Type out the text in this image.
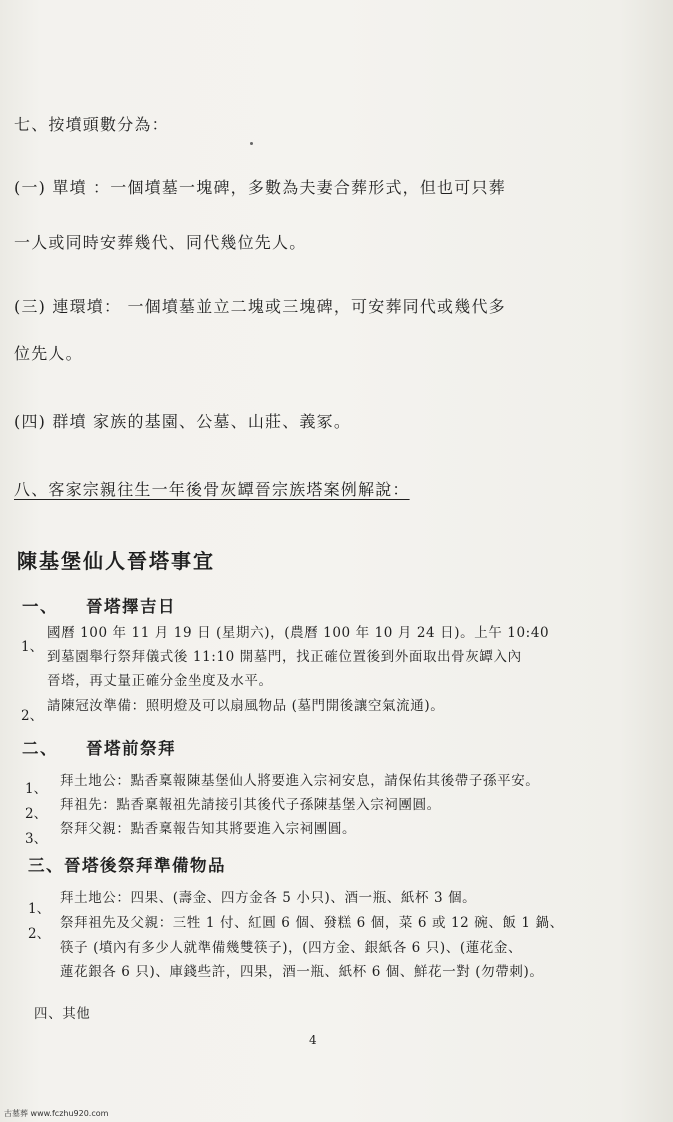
七、按墳頭數分為：
(一) 單墳 ：一個墳墓一塊碑，多數為夫妻合葬形式，但也可只葬
一人或同時安葬幾代、同代幾位先人。
(三) 連環墳： 一個墳墓並立二塊或三塊碑，可安葬同代或幾代多
位先人。
(四) 群墳 家族的基園、公墓、山莊、義冢。
八、客家宗親往生一年後骨灰罈晉宗族塔案例解說：
陳基堡仙人晉塔事宜
一、 晉塔擇吉日
1、
國曆 100 年 11 月 19 日 (星期六)，(農曆 100 年 10 月 24 日)。上午 10:40
到墓園舉行祭拜儀式後 11:10 開墓門，找正確位置後到外面取出骨灰罈入內
晉塔，再丈量正確分金坐度及水平。
2、
請陳冠汝準備：照明燈及可以扇風物品 (墓門開後讓空氣流通)。
二、 晉塔前祭拜
1、 拜土地公：點香稟報陳基堡仙人將要進入宗祠安息，請保佑其後帶子孫平安。
2、
拜祖先：點香稟報祖先請接引其後代子孫陳基堡入宗祠團圓。
3、
祭拜父親：點香稟報告知其將要進入宗祠團圓。
三、晉塔後祭拜準備物品
1、
拜土地公：四果、(壽金、四方金各 5 小只)、酒一瓶、紙杯 3 個。
2、
祭拜祖先及父親：三牲 1 付、紅圓 6 個、發糕 6 個，菜 6 或 12 碗、飯 1 鍋、
筷子 (墳內有多少人就準備幾雙筷子)，(四方金、銀紙各 6 只)、(蓮花金、
蓮花銀各 6 只)、庫錢些許，四果，酒一瓶、紙杯 6 個、鮮花一對 (勿帶刺)。
四、其他
4
古墓葬 www.fczhu920.com
